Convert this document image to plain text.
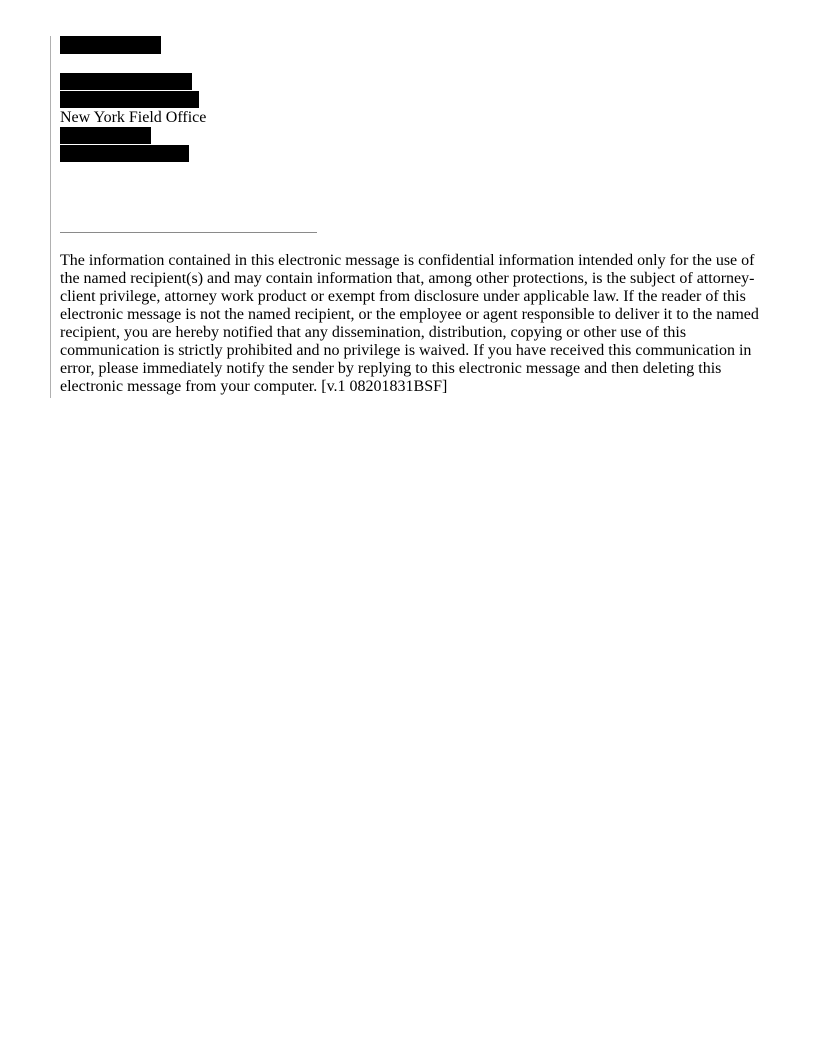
New York Field Office

The information contained in this electronic message is confidential information intended only for the use of the named recipient(s) and may contain information that, among other protections, is the subject of attorney-client privilege, attorney work product or exempt from disclosure under applicable law. If the reader of this electronic message is not the named recipient, or the employee or agent responsible to deliver it to the named recipient, you are hereby notified that any dissemination, distribution, copying or other use of this communication is strictly prohibited and no privilege is waived. If you have received this communication in error, please immediately notify the sender by replying to this electronic message and then deleting this electronic message from your computer. [v.1 08201831BSF]
